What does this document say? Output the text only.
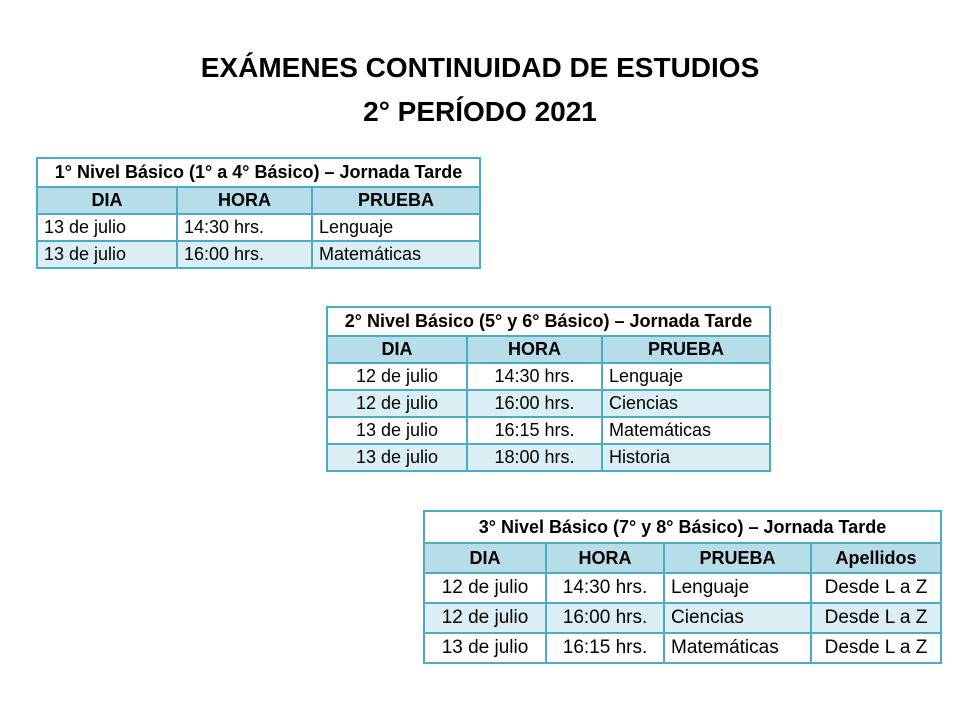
EXÁMENES CONTINUIDAD DE ESTUDIOS
2° PERÍODO 2021
1° Nivel Básico (1° a 4° Básico) – Jornada Tarde		
DIA	HORA	PRUEBA
13 de julio	14:30 hrs.	Lenguaje
13 de julio	16:00 hrs.	Matemáticas
2° Nivel Básico (5° y 6° Básico) – Jornada Tarde		
DIA	HORA	PRUEBA
12 de julio	14:30 hrs.	Lenguaje
12 de julio	16:00 hrs.	Ciencias
13 de julio	16:15 hrs.	Matemáticas
13 de julio	18:00 hrs.	Historia
3° Nivel Básico (7° y 8° Básico) – Jornada Tarde			
DIA	HORA	PRUEBA	Apellidos
12 de julio	14:30 hrs.	Lenguaje	Desde L a Z
12 de julio	16:00 hrs.	Ciencias	Desde L a Z
13 de julio	16:15 hrs.	Matemáticas	Desde L a Z
